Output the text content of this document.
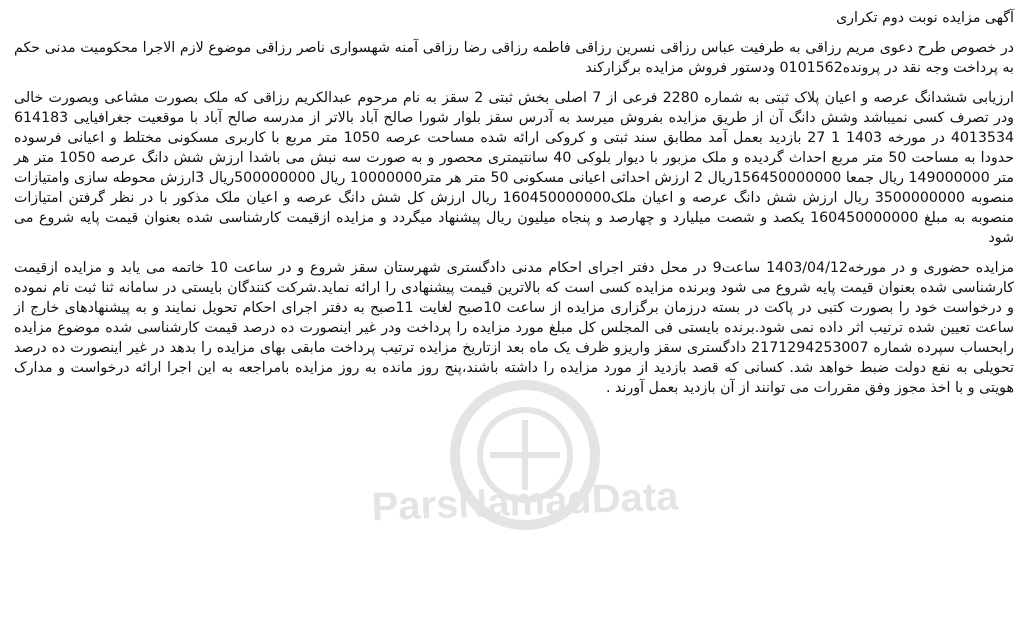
ParsNamadData
آگهی مزایده نوبت دوم تکراری
در خصوص طرح دعوی مریم رزاقی به طرفیت عباس رزاقی نسرین رزاقی فاطمه رزاقی رضا رزاقی آمنه شهسواری ناصر رزاقی موضوع لازم الاجرا محکومیت مدنی حکم به پرداخت وجه نقد در پرونده0101562 ودستور فروش مزایده برگزارکند
ارزیابی ششدانگ عرصه و اعیان پلاک ثبتی به شماره 2280 فرعی از 7 اصلی بخش ثبتی 2 سقز به نام مرحوم عبدالکریم رزاقی که ملک بصورت مشاعی وبصورت خالی ودر تصرف کسی نمیباشد وشش دانگ آن از طریق مزایده بفروش میرسد به آدرس سقز بلوار شورا صالح آباد بالاتر از مدرسه صالح آباد با موقعیت جغرافیایی 614183 4013534 در مورخه 1403 1 27 بازدید بعمل آمد مطابق سند ثبتی و کروکی ارائه شده مساحت عرصه 1050 متر مربع با کاربری مسکونی مختلط و اعیانی فرسوده حدودا به مساحت 50 متر مربع احداث گردیده و ملک مزبور با دیوار بلوکی 40 سانتیمتری محصور و به صورت سه نبش می باشدا ارزش شش دانگ عرصه 1050 متر هر متر 149000000 ریال جمعا 156450000000ریال 2 ارزش احداثی اعیانی مسکونی 50 متر هر متر10000000 ریال 500000000ریال 3ارزش محوطه سازی وامتیازات منصوبه 3500000000 ریال ارزش شش دانگ عرصه و اعیان ملک160450000000 ریال ارزش کل شش دانگ عرصه و اعیان ملک مذکور با در نظر گرفتن امتیازات منصوبه به مبلغ 160450000000 یکصد و شصت میلیارد و چهارصد و پنجاه میلیون ریال پیشنهاد میگردد و مزایده ازقیمت کارشناسی شده بعنوان قیمت پایه شروع می شود
مزایده حضوری و در مورخه1403/04/12 ساعت9 در محل دفتر اجرای احکام مدنی دادگستری شهرستان سقز شروع و در ساعت 10 خاتمه می یابد و مزایده ازقیمت کارشناسی شده بعنوان قیمت پایه شروع می شود وبرنده مزایده کسی است که بالاترین قیمت پیشنهادی را ارائه نماید.شرکت کنندگان بایستی در سامانه ثنا ثبت نام نموده و درخواست خود را بصورت کتبی در پاکت در بسته درزمان برگزاری مزایده از ساعت 10صبح لغایت 11صبح به دفتر اجرای احکام تحویل نمایند و به پیشنهادهای خارج از ساعت تعیین شده ترتیب اثر داده نمی شود.برنده بایستی فی المجلس کل مبلغ مورد مزایده را پرداخت ودر غیر اینصورت ده درصد قیمت کارشناسی شده موضوع مزایده رابحساب سپرده شماره 2171294253007 دادگستری سقز واریزو ظرف یک ماه بعد ازتاریخ مزایده ترتیب پرداخت مابقی بهای مزایده را بدهد در غیر اینصورت ده درصد تحویلی به نفع دولت ضبط خواهد شد. کسانی که قصد بازدید از مورد مزایده را داشته باشند،پنج روز مانده به روز مزایده بامراجعه به این اجرا ارائه درخواست و مدارک هویتی و با اخذ مجوز وفق مقررات می توانند از آن بازدید بعمل آورند .
